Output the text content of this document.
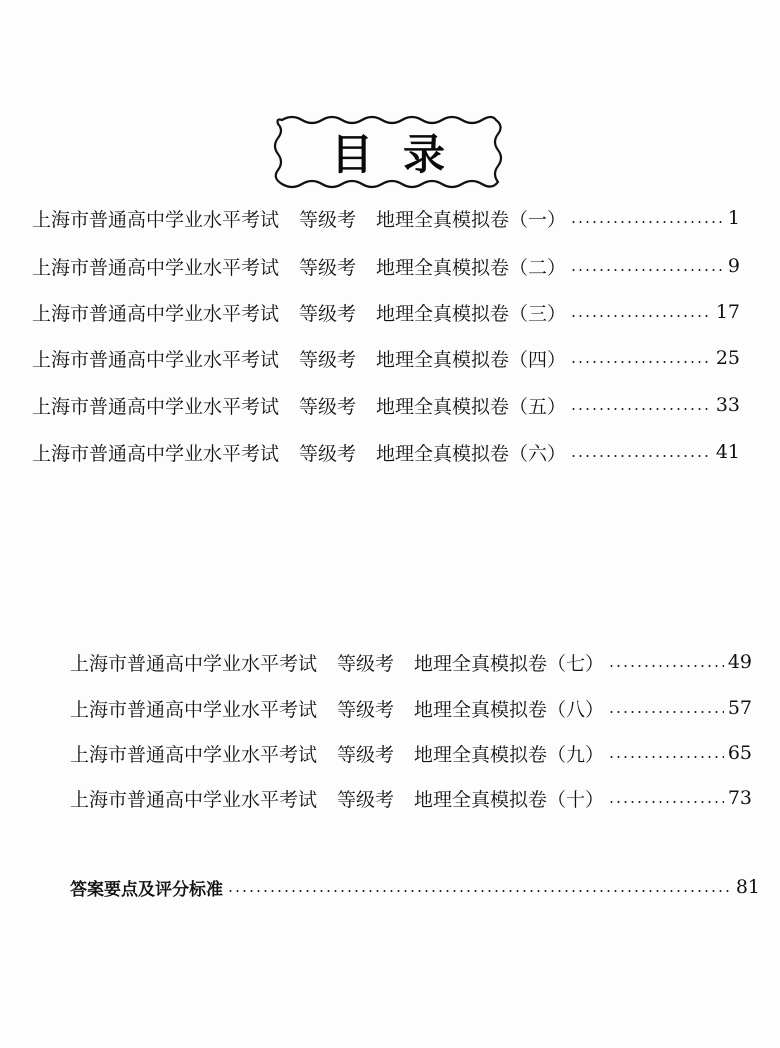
目录
上海市普通高中学业水平考试 等级考 地理全真模拟卷（一）	1
上海市普通高中学业水平考试 等级考 地理全真模拟卷（二）	9
上海市普通高中学业水平考试 等级考 地理全真模拟卷（三）	17
上海市普通高中学业水平考试 等级考 地理全真模拟卷（四）	25
上海市普通高中学业水平考试 等级考 地理全真模拟卷（五）	33
上海市普通高中学业水平考试 等级考 地理全真模拟卷（六）	41
上海市普通高中学业水平考试 等级考 地理全真模拟卷（七）	49
上海市普通高中学业水平考试 等级考 地理全真模拟卷（八）	57
上海市普通高中学业水平考试 等级考 地理全真模拟卷（九）	65
上海市普通高中学业水平考试 等级考 地理全真模拟卷（十）	73
答案要点及评分标准	81
